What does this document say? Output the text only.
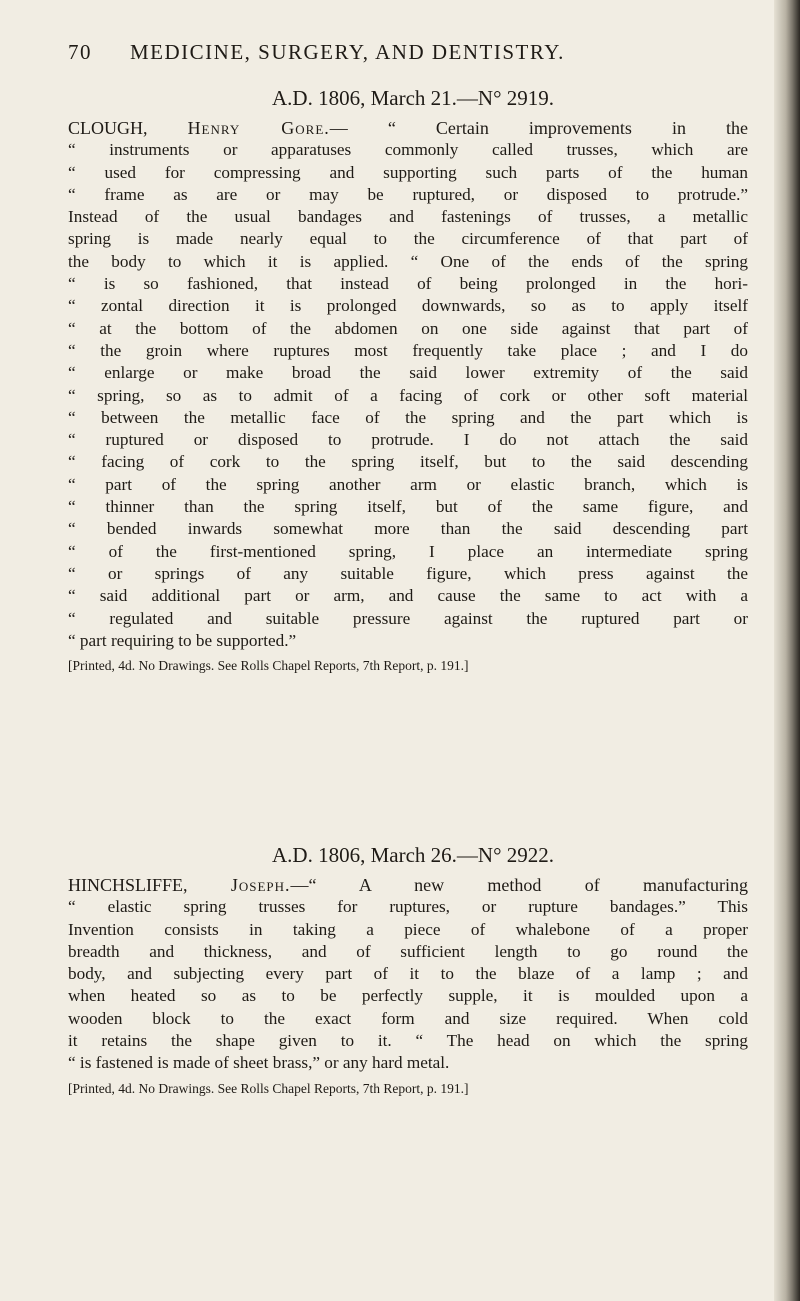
70 MEDICINE, SURGERY, AND DENTISTRY.
A.D. 1806, March 21.—N° 2919.
CLOUGH, Henry Gore.— “ Certain improvements in the
“ instruments or apparatuses commonly called trusses, which are
“ used for compressing and supporting such parts of the human
“ frame as are or may be ruptured, or disposed to protrude.”
Instead of the usual bandages and fastenings of trusses, a metallic
spring is made nearly equal to the circumference of that part of
the body to which it is applied. “ One of the ends of the spring
“ is so fashioned, that instead of being prolonged in the hori-
“ zontal direction it is prolonged downwards, so as to apply itself
“ at the bottom of the abdomen on one side against that part of
“ the groin where ruptures most frequently take place ; and I do
“ enlarge or make broad the said lower extremity of the said
“ spring, so as to admit of a facing of cork or other soft material
“ between the metallic face of the spring and the part which is
“ ruptured or disposed to protrude. I do not attach the said
“ facing of cork to the spring itself, but to the said descending
“ part of the spring another arm or elastic branch, which is
“ thinner than the spring itself, but of the same figure, and
“ bended inwards somewhat more than the said descending part
“ of the first-mentioned spring, I place an intermediate spring
“ or springs of any suitable figure, which press against the
“ said additional part or arm, and cause the same to act with a
“ regulated and suitable pressure against the ruptured part or
“ part requiring to be supported.”
[Printed, 4d. No Drawings. See Rolls Chapel Reports, 7th Report, p. 191.]
A.D. 1806, March 26.—N° 2922.
HINCHSLIFFE, Joseph.—“ A new method of manufacturing
“ elastic spring trusses for ruptures, or rupture bandages.” This
Invention consists in taking a piece of whalebone of a proper
breadth and thickness, and of sufficient length to go round the
body, and subjecting every part of it to the blaze of a lamp ; and
when heated so as to be perfectly supple, it is moulded upon a
wooden block to the exact form and size required. When cold
it retains the shape given to it. “ The head on which the spring
“ is fastened is made of sheet brass,” or any hard metal.
[Printed, 4d. No Drawings. See Rolls Chapel Reports, 7th Report, p. 191.]
